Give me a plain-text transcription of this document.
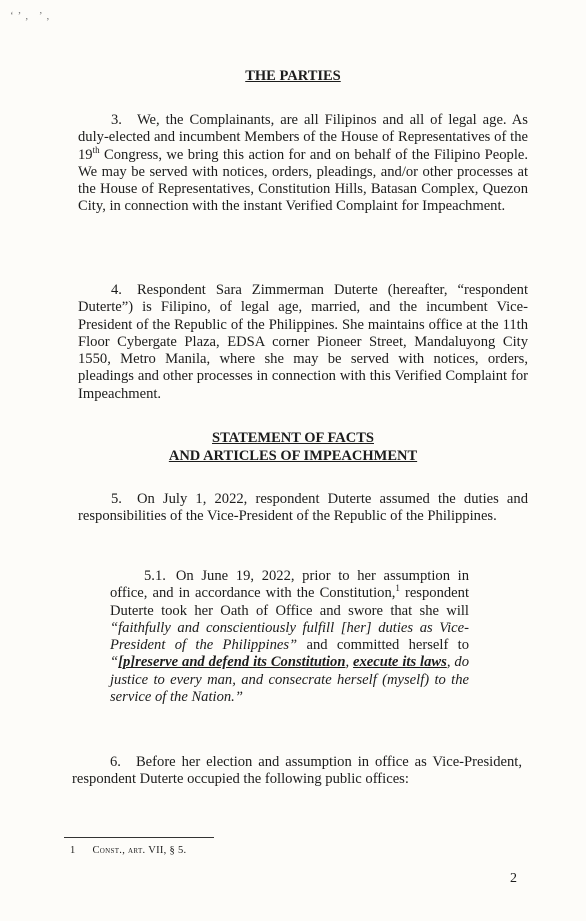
‘’, ’,
THE PARTIES

3. We, the Complainants, are all Filipinos and all of legal age. As duly-elected and incumbent Members of the House of Representatives of the 19th Congress, we bring this action for and on behalf of the Filipino People. We may be served with notices, orders, pleadings, and/or other processes at the House of Representatives, Constitution Hills, Batasan Complex, Quezon City, in connection with the instant Verified Complaint for Impeachment.

4. Respondent Sara Zimmerman Duterte (hereafter, “respondent Duterte”) is Filipino, of legal age, married, and the incumbent Vice-President of the Republic of the Philippines. She maintains office at the 11th Floor Cybergate Plaza, EDSA corner Pioneer Street, Mandaluyong City 1550, Metro Manila, where she may be served with notices, orders, pleadings and other processes in connection with this Verified Complaint for Impeachment.

STATEMENT OF FACTS
AND ARTICLES OF IMPEACHMENT

5. On July 1, 2022, respondent Duterte assumed the duties and responsibilities of the Vice-President of the Republic of the Philippines.

5.1. On June 19, 2022, prior to her assumption in office, and in accordance with the Constitution,$^1$ respondent Duterte took her Oath of Office and swore that she will “faithfully and conscientiously fulfill [her] duties as Vice-President of the Philippines” and committed herself to “[p]reserve and defend its Constitution, execute its laws, do justice to every man, and consecrate herself (myself) to the service of the Nation.”

6. Before her election and assumption in office as Vice-President, respondent Duterte occupied the following public offices:

1 Const., art. VII, § 5.
2
